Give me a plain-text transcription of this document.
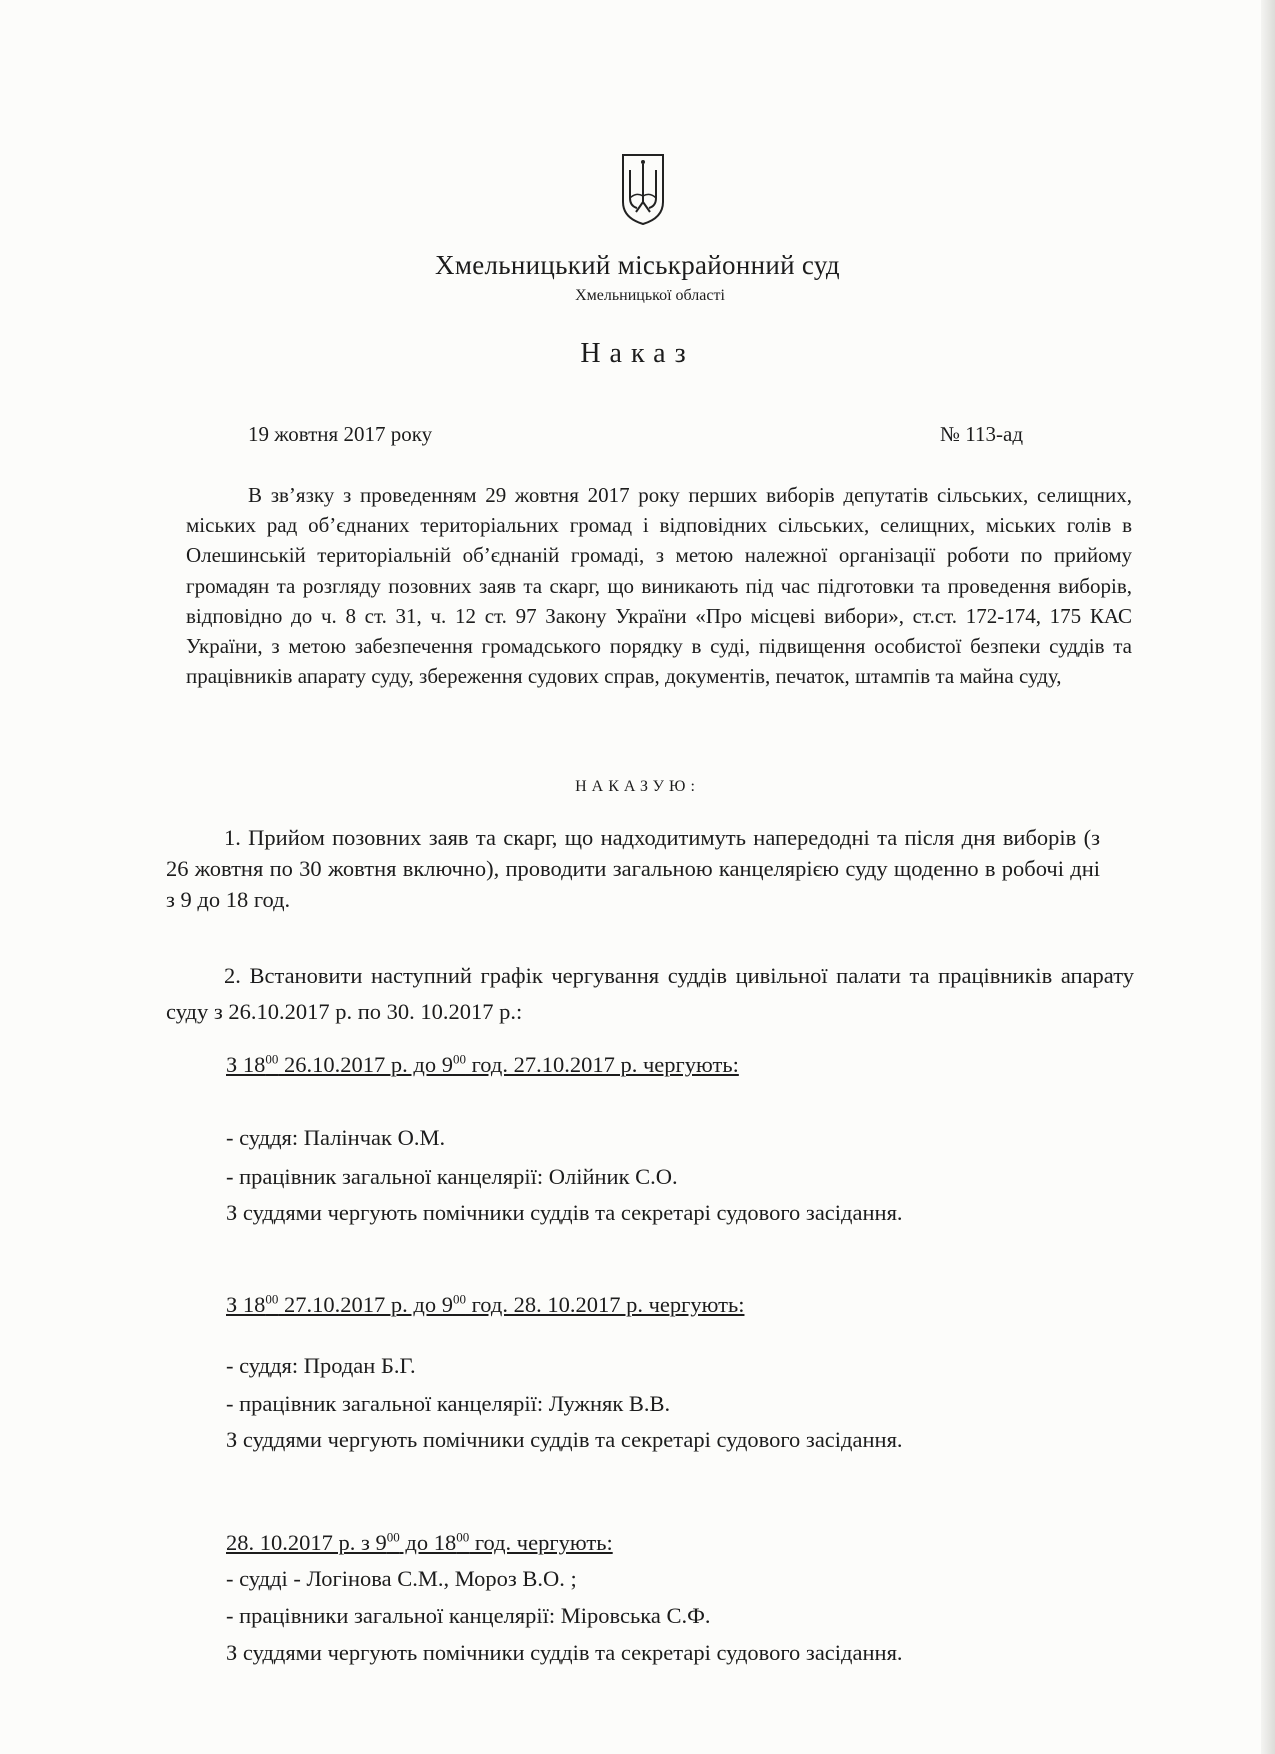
Хмельницький міськрайонний суд
Хмельницької області
Наказ
19 жовтня 2017 року	№ 113-ад
В зв’язку з проведенням 29 жовтня 2017 року перших виборів депутатів сільських, селищних, міських рад об’єднаних територіальних громад і відповідних сільських, селищних, міських голів в Олешинській територіальній об’єднаній громаді, з метою належної організації роботи по прийому громадян та розгляду позовних заяв та скарг, що виникають під час підготовки та проведення виборів, відповідно до ч. 8 ст. 31, ч. 12 ст. 97 Закону України «Про місцеві вибори», ст.ст. 172-174, 175 КАС України, з метою забезпечення громадського порядку в суді, підвищення особистої безпеки суддів та працівників апарату суду, збереження судових справ, документів, печаток, штампів та майна суду,
НАКАЗУЮ:
1. Прийом позовних заяв та скарг, що надходитимуть напередодні та після дня виборів (з 26 жовтня по 30 жовтня включно), проводити загальною канцелярією суду щоденно в робочі дні з 9 до 18 год.
2. Встановити наступний графік чергування суддів цивільної палати та працівників апарату суду з 26.10.2017 р. по 30. 10.2017 р.:
З $18^{00}$ 26.10.2017 р. до $9^{00}$ год. 27.10.2017 р. чергують:
- суддя: Палінчак О.М.
- працівник загальної канцелярії: Олійник С.О.
З суддями чергують помічники суддів та секретарі судового засідання.
З $18^{00}$ 27.10.2017 р. до $9^{00}$ год. 28. 10.2017 р. чергують:
- суддя: Продан Б.Г.
- працівник загальної канцелярії: Лужняк В.В.
З суддями чергують помічники суддів та секретарі судового засідання.
28. 10.2017 р. з $9^{00}$ до $18^{00}$ год. чергують:
- судді - Логінова С.М., Мороз В.О. ;
- працівники загальної канцелярії: Міровська С.Ф.
З суддями чергують помічники суддів та секретарі судового засідання.
